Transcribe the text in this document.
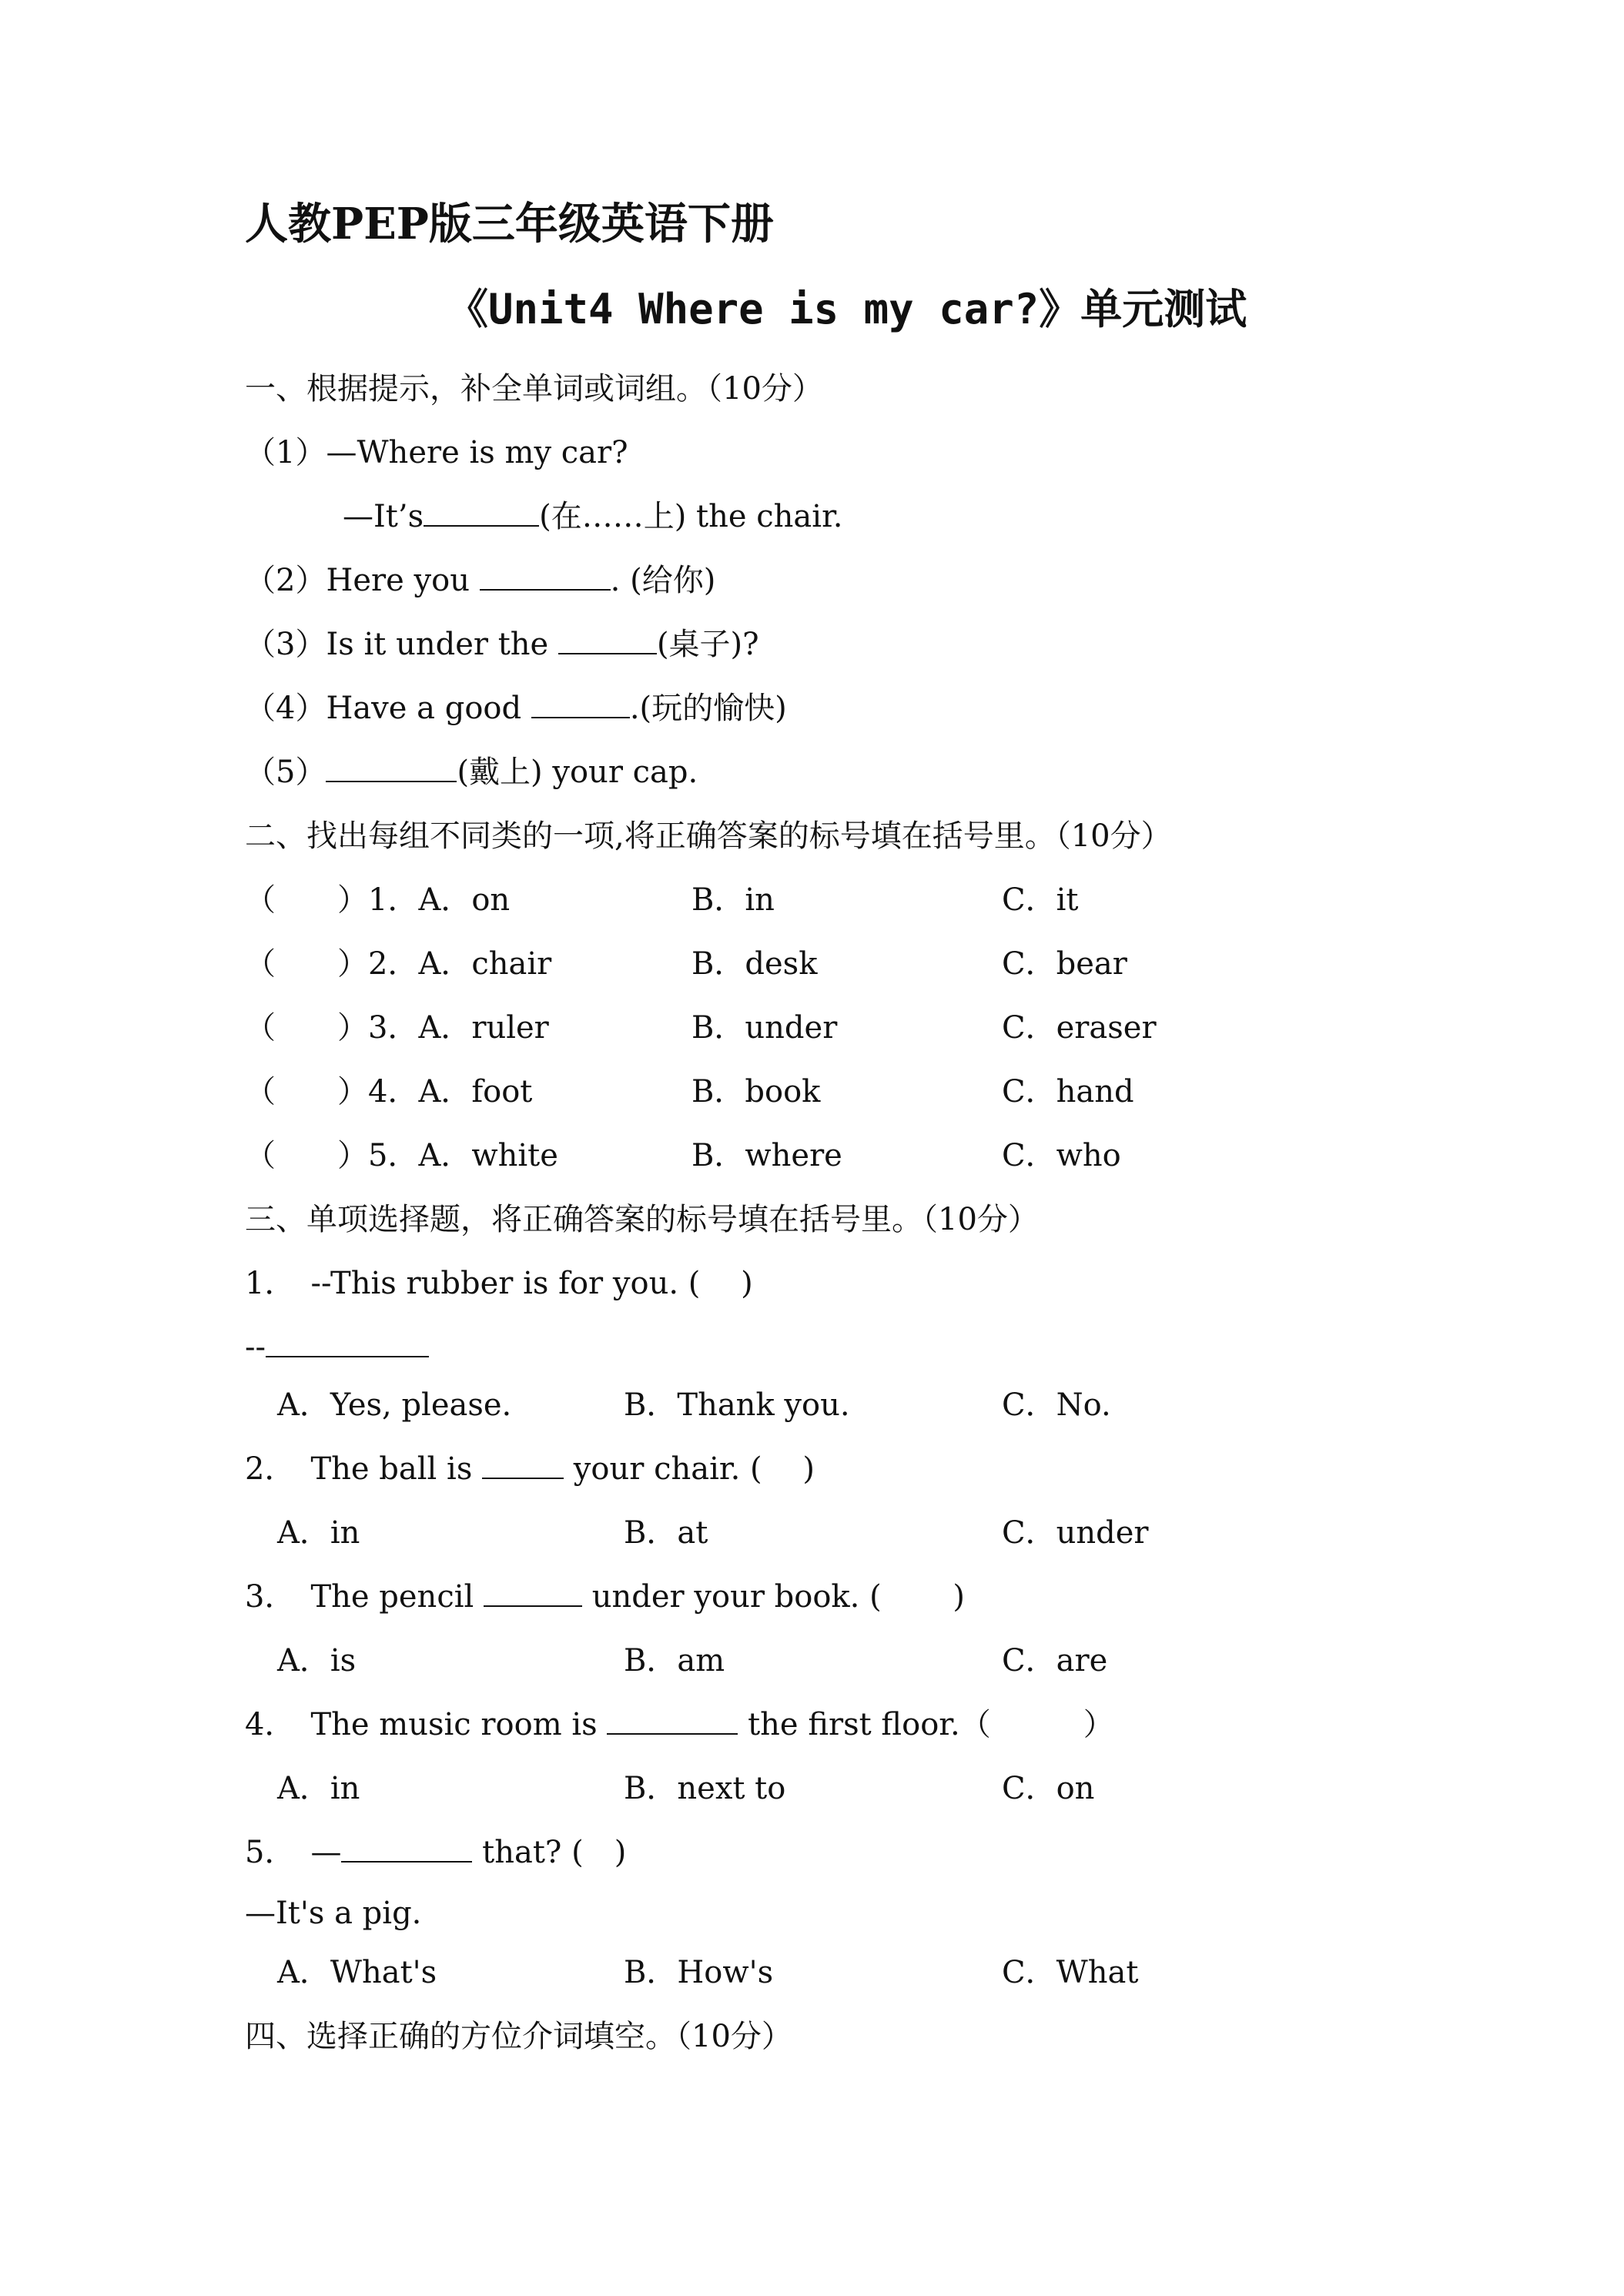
人教PEP版三年级英语下册
《Unit4 Where is my car?》单元测试
一、根据提示，补全单词或词组。（10分）
（1）—Where is my car?
—It’s	(在……上) the chair.
（2）Here you	. (给你)
（3）Is it under the	(桌子)?
（4）Have a good	.(玩的愉快)
（5）	(戴上) your cap.
二、找出每组不同类的一项,将正确答案的标号填在括号里。（10分）
（　　）1．A．on	B．in	C．it
（　　）2．A．chair	B．desk	C．bear
（　　）3．A．ruler	B．under	C．eraser
（　　）4．A．foot	B．book	C．hand
（　　）5．A．white	B．where	C．who
三、单项选择题，将正确答案的标号填在括号里。（10分）
1．　--This rubber is for you. (　 )
--
A．Yes, please.	B．Thank you.	C．No.
2．　The ball is	your chair. (　 )
A．in	B．at	C．under
3．　The pencil	under your book. (　　 )
A．is	B．am	C．are
4．　The music room is	the first floor.（　　　）
A．in	B．next to	C．on
5．　—	that? (　)
—It's a pig.
A．What's	B．How's	C．What
四、选择正确的方位介词填空。（10分）
